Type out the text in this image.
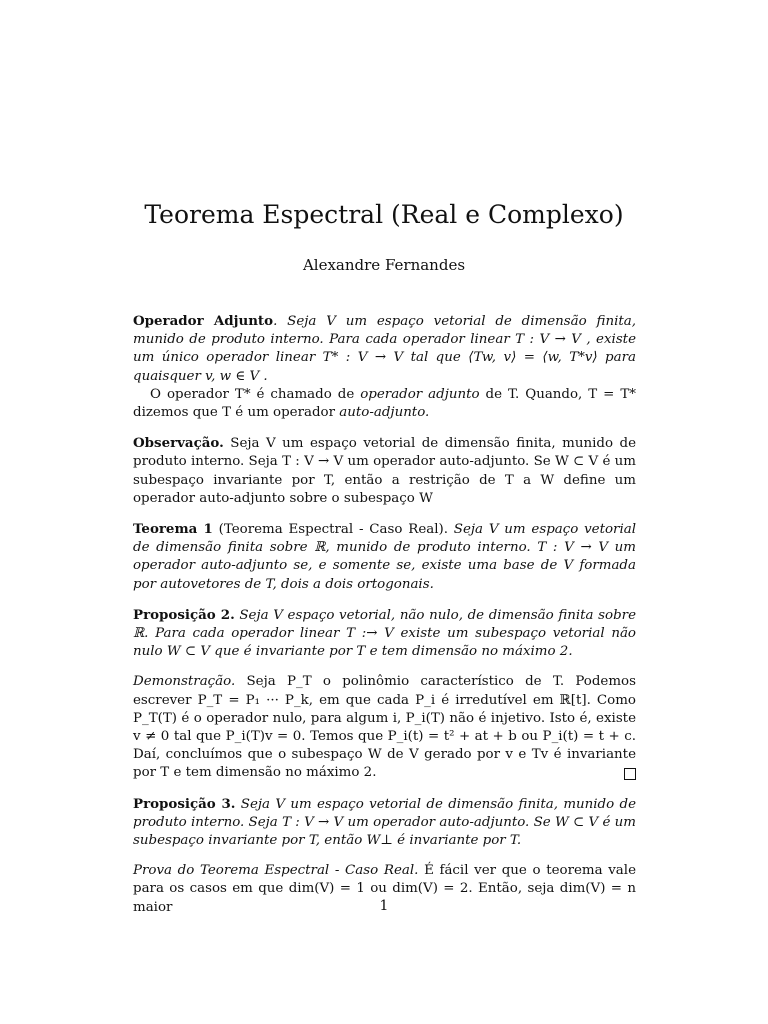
Teorema Espectral (Real e Complexo)
Alexandre Fernandes

Operador Adjunto. Seja V um espaço vetorial de dimensão finita, munido de produto interno. Para cada operador linear T : V → V , existe um único operador linear T* : V → V tal que ⟨Tw, v⟩ = ⟨w, T*v⟩ para quaisquer v, w ∈ V .

O operador T* é chamado de operador adjunto de T. Quando, T = T* dizemos que T é um operador auto-adjunto.

Observação. Seja V um espaço vetorial de dimensão finita, munido de produto interno. Seja T : V → V um operador auto-adjunto. Se W ⊂ V é um subespaço invariante por T, então a restrição de T a W define um operador auto-adjunto sobre o subespaço W

Teorema 1 (Teorema Espectral - Caso Real). Seja V um espaço vetorial de dimensão finita sobre ℝ, munido de produto interno. T : V → V um operador auto-adjunto se, e somente se, existe uma base de V formada por autovetores de T, dois a dois ortogonais.

Proposição 2. Seja V espaço vetorial, não nulo, de dimensão finita sobre ℝ. Para cada operador linear T :→ V existe um subespaço vetorial não nulo W ⊂ V que é invariante por T e tem dimensão no máximo 2.

Demonstração. Seja P_T o polinômio característico de T. Podemos escrever P_T = P₁ ··· P_k, em que cada P_i é irredutível em ℝ[t]. Como P_T(T) é o operador nulo, para algum i, P_i(T) não é injetivo. Isto é, existe v ≠ 0 tal que P_i(T)v = 0. Temos que P_i(t) = t² + at + b ou P_i(t) = t + c. Daí, concluímos que o subespaço W de V gerado por v e Tv é invariante por T e tem dimensão no máximo 2.

Proposição 3. Seja V um espaço vetorial de dimensão finita, munido de produto interno. Seja T : V → V um operador auto-adjunto. Se W ⊂ V é um subespaço invariante por T, então W⊥ é invariante por T.

Prova do Teorema Espectral - Caso Real. É fácil ver que o teorema vale para os casos em que dim(V) = 1 ou dim(V) = 2. Então, seja dim(V) = n maior	1
